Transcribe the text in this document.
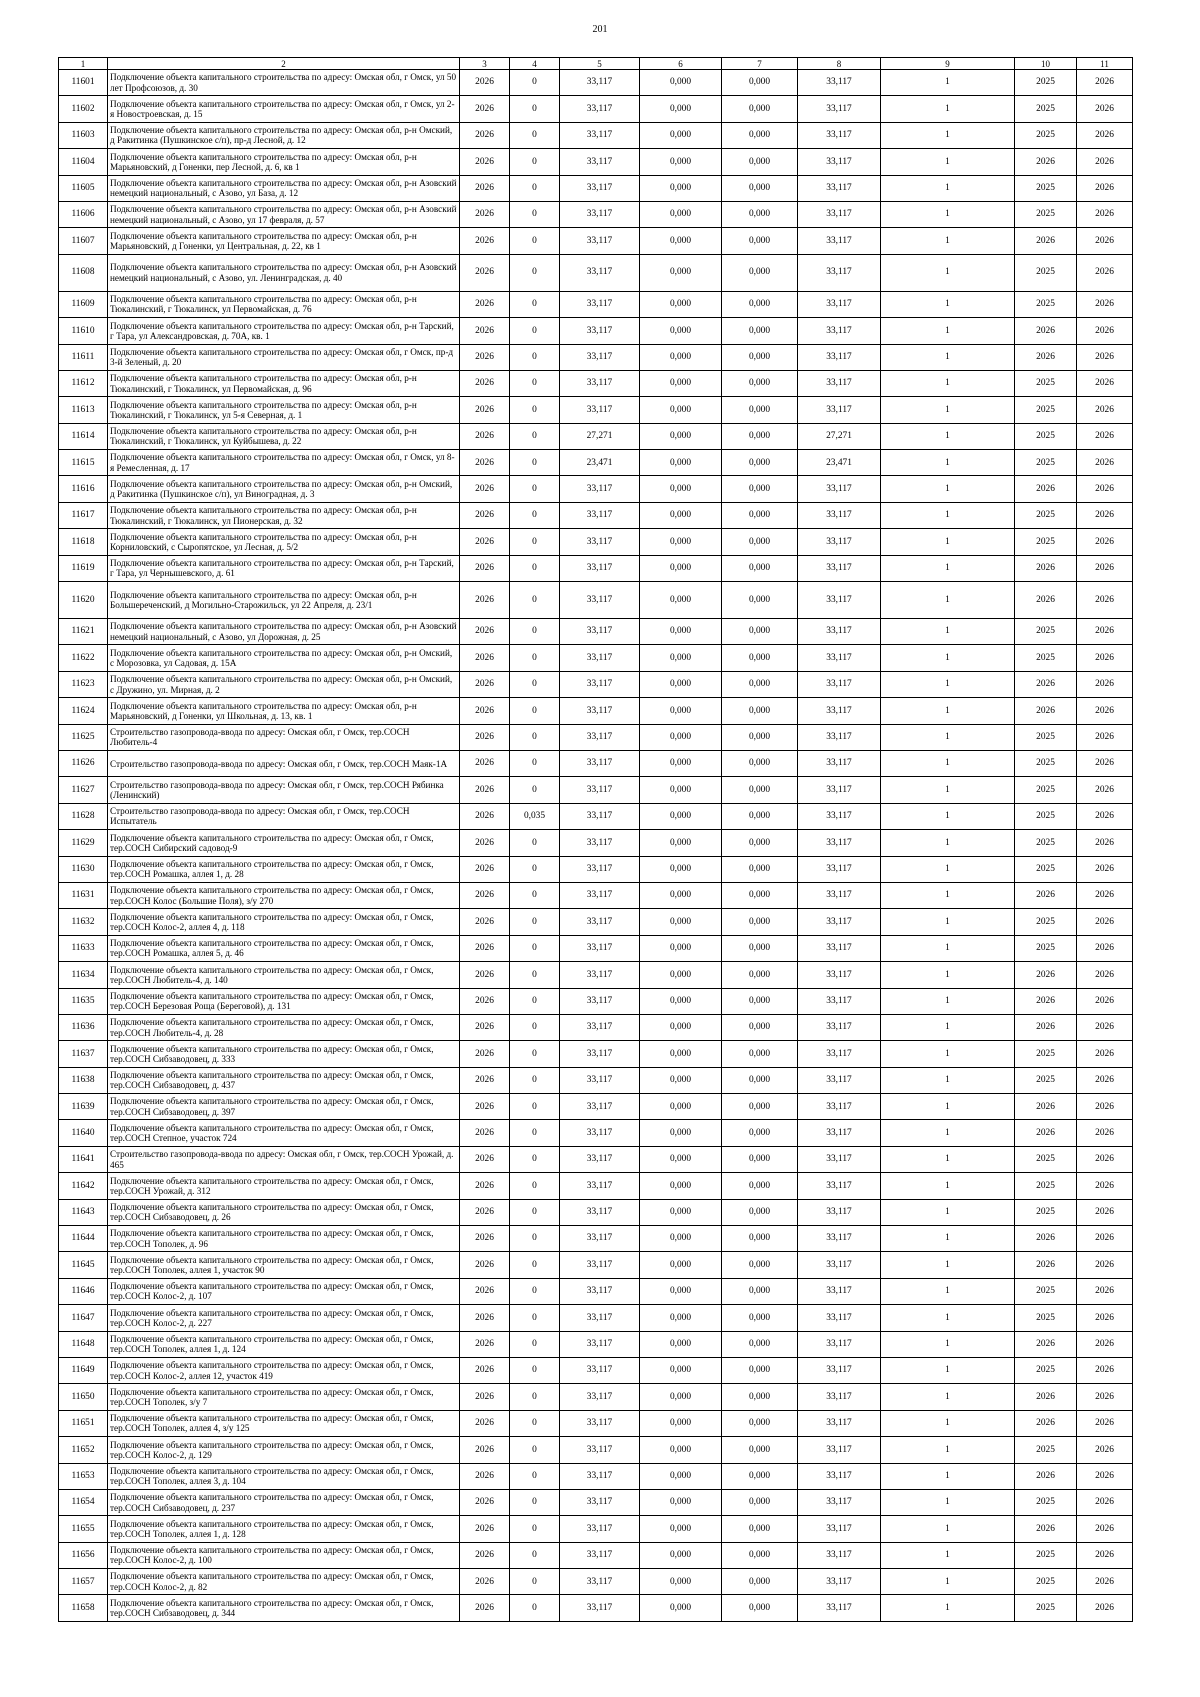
201
1	2	3	4	5	6	7	8	9	10	11
11601	Подключение объекта капитального строительства по адресу: Омская обл, г Омск, ул 50 лет Профсоюзов, д. 30	2026	0	33,117	0,000	0,000	33,117	1	2025	2026
11602	Подключение объекта капитального строительства по адресу: Омская обл, г Омск, ул 2-я Новостроевская, д. 15	2026	0	33,117	0,000	0,000	33,117	1	2025	2026
11603	Подключение объекта капитального строительства по адресу: Омская обл, р-н Омский, д Ракитинка (Пушкинское с/п), пр-д Лесной, д. 12	2026	0	33,117	0,000	0,000	33,117	1	2025	2026
11604	Подключение объекта капитального строительства по адресу: Омская обл, р-н Марьяновский, д Гоненки, пер Лесной, д. 6, кв 1	2026	0	33,117	0,000	0,000	33,117	1	2026	2026
11605	Подключение объекта капитального строительства по адресу: Омская обл, р-н Азовский немецкий национальный, с Азово, ул База, д. 12	2026	0	33,117	0,000	0,000	33,117	1	2025	2026
11606	Подключение объекта капитального строительства по адресу: Омская обл, р-н Азовский немецкий национальный, с Азово, ул 17 февраля, д. 57	2026	0	33,117	0,000	0,000	33,117	1	2025	2026
11607	Подключение объекта капитального строительства по адресу: Омская обл, р-н Марьяновский, д Гоненки, ул Центральная, д. 22, кв 1	2026	0	33,117	0,000	0,000	33,117	1	2026	2026
11608	Подключение объекта капитального строительства по адресу: Омская обл, р-н Азовский немецкий национальный, с Азово, ул. Ленинградская, д. 40	2026	0	33,117	0,000	0,000	33,117	1	2025	2026
11609	Подключение объекта капитального строительства по адресу: Омская обл, р-н Тюкалинский, г Тюкалинск, ул Первомайская, д. 76	2026	0	33,117	0,000	0,000	33,117	1	2025	2026
11610	Подключение объекта капитального строительства по адресу: Омская обл, р-н Тарский, г Тара, ул Александровская, д. 70А, кв. 1	2026	0	33,117	0,000	0,000	33,117	1	2026	2026
11611	Подключение объекта капитального строительства по адресу: Омская обл, г Омск, пр-д 3-й Зеленый, д. 20	2026	0	33,117	0,000	0,000	33,117	1	2026	2026
11612	Подключение объекта капитального строительства по адресу: Омская обл, р-н Тюкалинский, г Тюкалинск, ул Первомайская, д. 96	2026	0	33,117	0,000	0,000	33,117	1	2025	2026
11613	Подключение объекта капитального строительства по адресу: Омская обл, р-н Тюкалинский, г Тюкалинск, ул 5-я Северная, д. 1	2026	0	33,117	0,000	0,000	33,117	1	2025	2026
11614	Подключение объекта капитального строительства по адресу: Омская обл, р-н Тюкалинский, г Тюкалинск, ул Куйбышева, д. 22	2026	0	27,271	0,000	0,000	27,271	1	2025	2026
11615	Подключение объекта капитального строительства по адресу: Омская обл, г Омск, ул 8-я Ремесленная, д. 17	2026	0	23,471	0,000	0,000	23,471	1	2025	2026
11616	Подключение объекта капитального строительства по адресу: Омская обл, р-н Омский, д Ракитинка (Пушкинское с/п), ул Виноградная, д. 3	2026	0	33,117	0,000	0,000	33,117	1	2026	2026
11617	Подключение объекта капитального строительства по адресу: Омская обл, р-н Тюкалинский, г Тюкалинск, ул Пионерская, д. 32	2026	0	33,117	0,000	0,000	33,117	1	2025	2026
11618	Подключение объекта капитального строительства по адресу: Омская обл, р-н Корниловский, с Сыропятское, ул Лесная, д. 5/2	2026	0	33,117	0,000	0,000	33,117	1	2025	2026
11619	Подключение объекта капитального строительства по адресу: Омская обл, р-н Тарский, г Тара, ул Чернышевского, д. 61	2026	0	33,117	0,000	0,000	33,117	1	2026	2026
11620	Подключение объекта капитального строительства по адресу: Омская обл, р-н Большереченский, д Могильно-Старожильск, ул 22 Апреля, д. 23/1	2026	0	33,117	0,000	0,000	33,117	1	2026	2026
11621	Подключение объекта капитального строительства по адресу: Омская обл, р-н Азовский немецкий национальный, с Азово, ул Дорожная, д. 25	2026	0	33,117	0,000	0,000	33,117	1	2025	2026
11622	Подключение объекта капитального строительства по адресу: Омская обл, р-н Омский, с Морозовка, ул Садовая, д. 15А	2026	0	33,117	0,000	0,000	33,117	1	2025	2026
11623	Подключение объекта капитального строительства по адресу: Омская обл, р-н Омский, с Дружино, ул. Мирная, д. 2	2026	0	33,117	0,000	0,000	33,117	1	2026	2026
11624	Подключение объекта капитального строительства по адресу: Омская обл, р-н Марьяновский, д Гоненки, ул Школьная, д. 13, кв. 1	2026	0	33,117	0,000	0,000	33,117	1	2026	2026
11625	Строительство газопровода-ввода по адресу: Омская обл, г Омск, тер.СОСН Любитель-4	2026	0	33,117	0,000	0,000	33,117	1	2025	2026
11626	Строительство газопровода-ввода по адресу: Омская обл, г Омск, тер.СОСН Маяк-1А	2026	0	33,117	0,000	0,000	33,117	1	2025	2026
11627	Строительство газопровода-ввода по адресу: Омская обл, г Омск, тер.СОСН Рябинка (Ленинский)	2026	0	33,117	0,000	0,000	33,117	1	2025	2026
11628	Строительство газопровода-ввода по адресу: Омская обл, г Омск, тер.СОСН Испытатель	2026	0,035	33,117	0,000	0,000	33,117	1	2025	2026
11629	Подключение объекта капитального строительства по адресу: Омская обл, г Омск, тер.СОСН Сибирский садовод-9	2026	0	33,117	0,000	0,000	33,117	1	2025	2026
11630	Подключение объекта капитального строительства по адресу: Омская обл, г Омск, тер.СОСН Ромашка, аллея 1, д. 28	2026	0	33,117	0,000	0,000	33,117	1	2025	2026
11631	Подключение объекта капитального строительства по адресу: Омская обл, г Омск, тер.СОСН Колос (Большие Поля), з/у 270	2026	0	33,117	0,000	0,000	33,117	1	2026	2026
11632	Подключение объекта капитального строительства по адресу: Омская обл, г Омск, тер.СОСН Колос-2, аллея 4, д. 118	2026	0	33,117	0,000	0,000	33,117	1	2025	2026
11633	Подключение объекта капитального строительства по адресу: Омская обл, г Омск, тер.СОСН Ромашка, аллея 5, д. 46	2026	0	33,117	0,000	0,000	33,117	1	2025	2026
11634	Подключение объекта капитального строительства по адресу: Омская обл, г Омск, тер.СОСН Любитель-4, д. 140	2026	0	33,117	0,000	0,000	33,117	1	2026	2026
11635	Подключение объекта капитального строительства по адресу: Омская обл, г Омск, тер.СОСН Березовая Роща (Береговой), д. 131	2026	0	33,117	0,000	0,000	33,117	1	2026	2026
11636	Подключение объекта капитального строительства по адресу: Омская обл, г Омск, тер.СОСН Любитель-4, д. 28	2026	0	33,117	0,000	0,000	33,117	1	2026	2026
11637	Подключение объекта капитального строительства по адресу: Омская обл, г Омск, тер.СОСН Сибзаводовец, д. 333	2026	0	33,117	0,000	0,000	33,117	1	2025	2026
11638	Подключение объекта капитального строительства по адресу: Омская обл, г Омск, тер.СОСН Сибзаводовец, д. 437	2026	0	33,117	0,000	0,000	33,117	1	2025	2026
11639	Подключение объекта капитального строительства по адресу: Омская обл, г Омск, тер.СОСН Сибзаводовец, д. 397	2026	0	33,117	0,000	0,000	33,117	1	2026	2026
11640	Подключение объекта капитального строительства по адресу: Омская обл, г Омск, тер.СОСН Степное, участок 724	2026	0	33,117	0,000	0,000	33,117	1	2026	2026
11641	Строительство газопровода-ввода по адресу: Омская обл, г Омск, тер.СОСН Урожай, д. 465	2026	0	33,117	0,000	0,000	33,117	1	2025	2026
11642	Подключение объекта капитального строительства по адресу: Омская обл, г Омск, тер.СОСН Урожай, д. 312	2026	0	33,117	0,000	0,000	33,117	1	2025	2026
11643	Подключение объекта капитального строительства по адресу: Омская обл, г Омск, тер.СОСН Сибзаводовец, д. 26	2026	0	33,117	0,000	0,000	33,117	1	2025	2026
11644	Подключение объекта капитального строительства по адресу: Омская обл, г Омск, тер.СОСН Тополек, д. 96	2026	0	33,117	0,000	0,000	33,117	1	2026	2026
11645	Подключение объекта капитального строительства по адресу: Омская обл, г Омск, тер.СОСН Тополек, аллея 1, участок 90	2026	0	33,117	0,000	0,000	33,117	1	2026	2026
11646	Подключение объекта капитального строительства по адресу: Омская обл, г Омск, тер.СОСН Колос-2, д. 107	2026	0	33,117	0,000	0,000	33,117	1	2025	2026
11647	Подключение объекта капитального строительства по адресу: Омская обл, г Омск, тер.СОСН Колос-2, д. 227	2026	0	33,117	0,000	0,000	33,117	1	2025	2026
11648	Подключение объекта капитального строительства по адресу: Омская обл, г Омск, тер.СОСН Тополек, аллея 1, д. 124	2026	0	33,117	0,000	0,000	33,117	1	2026	2026
11649	Подключение объекта капитального строительства по адресу: Омская обл, г Омск, тер.СОСН Колос-2, аллея 12, участок 419	2026	0	33,117	0,000	0,000	33,117	1	2025	2026
11650	Подключение объекта капитального строительства по адресу: Омская обл, г Омск, тер.СОСН Тополек, з/у 7	2026	0	33,117	0,000	0,000	33,117	1	2026	2026
11651	Подключение объекта капитального строительства по адресу: Омская обл, г Омск, тер.СОСН Тополек, аллея 4, з/у 125	2026	0	33,117	0,000	0,000	33,117	1	2026	2026
11652	Подключение объекта капитального строительства по адресу: Омская обл, г Омск, тер.СОСН Колос-2, д. 129	2026	0	33,117	0,000	0,000	33,117	1	2025	2026
11653	Подключение объекта капитального строительства по адресу: Омская обл, г Омск, тер.СОСН Тополек, аллея 3, д. 104	2026	0	33,117	0,000	0,000	33,117	1	2026	2026
11654	Подключение объекта капитального строительства по адресу: Омская обл, г Омск, тер.СОСН Сибзаводовец, д. 237	2026	0	33,117	0,000	0,000	33,117	1	2025	2026
11655	Подключение объекта капитального строительства по адресу: Омская обл, г Омск, тер.СОСН Тополек, аллея 1, д. 128	2026	0	33,117	0,000	0,000	33,117	1	2026	2026
11656	Подключение объекта капитального строительства по адресу: Омская обл, г Омск, тер.СОСН Колос-2, д. 100	2026	0	33,117	0,000	0,000	33,117	1	2025	2026
11657	Подключение объекта капитального строительства по адресу: Омская обл, г Омск, тер.СОСН Колос-2, д. 82	2026	0	33,117	0,000	0,000	33,117	1	2025	2026
11658	Подключение объекта капитального строительства по адресу: Омская обл, г Омск, тер.СОСН Сибзаводовец, д. 344	2026	0	33,117	0,000	0,000	33,117	1	2025	2026
